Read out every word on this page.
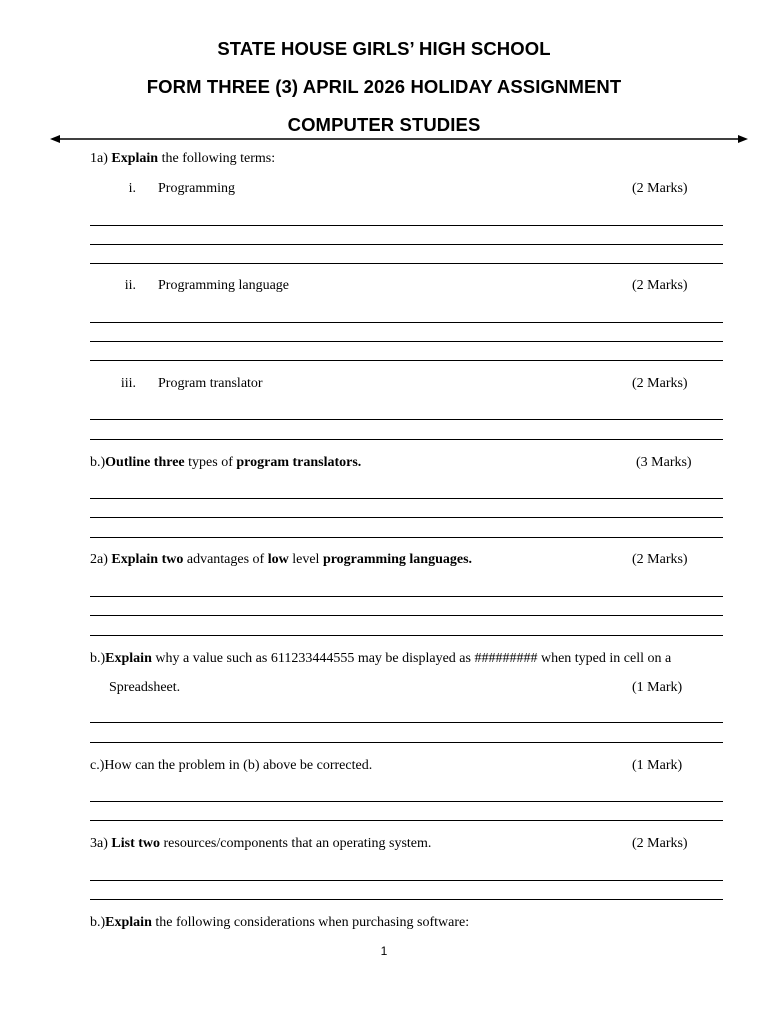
STATE HOUSE GIRLS’ HIGH SCHOOL
FORM THREE (3) APRIL 2026 HOLIDAY ASSIGNMENT
COMPUTER STUDIES
1a) Explain the following terms:
i. Programming	(2 Marks)
ii. Programming language	(2 Marks)
iii. Program translator	(2 Marks)
b.)Outline three types of program translators.	(3 Marks)
2a) Explain two advantages of low level programming languages.	(2 Marks)
b.)Explain why a value such as 611233444555 may be displayed as ######### when typed in cell on a
Spreadsheet.	(1 Mark)
c.)How can the problem in (b) above be corrected.	(1 Mark)
3a) List two resources/components that an operating system.	(2 Marks)
b.)Explain the following considerations when purchasing software:
1
